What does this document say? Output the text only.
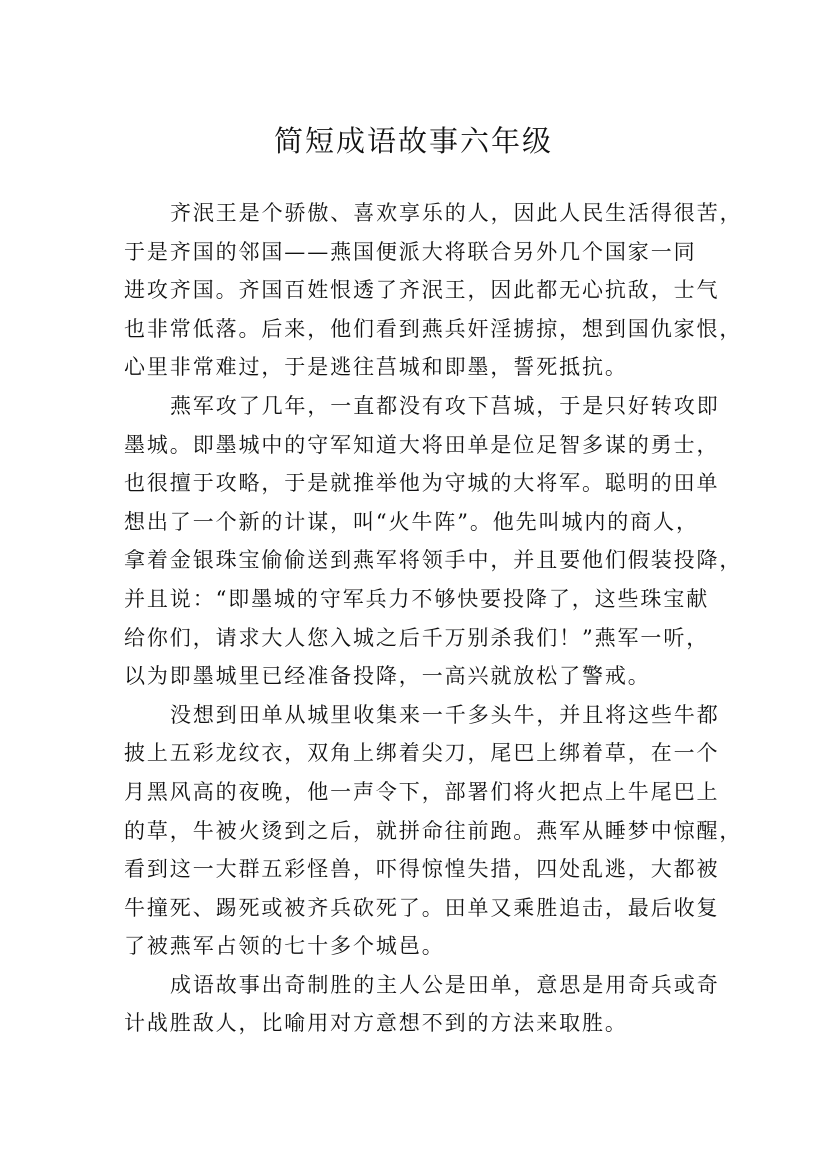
简短成语故事六年级
齐泯王是个骄傲、喜欢享乐的人，因此人民生活得很苦，
于是齐国的邻国——燕国便派大将联合另外几个国家一同
进攻齐国。齐国百姓恨透了齐泯王，因此都无心抗敌，士气
也非常低落。后来，他们看到燕兵奸淫掳掠，想到国仇家恨，
心里非常难过，于是逃往莒城和即墨，誓死抵抗。
燕军攻了几年，一直都没有攻下莒城，于是只好转攻即
墨城。即墨城中的守军知道大将田单是位足智多谋的勇士，
也很擅于攻略，于是就推举他为守城的大将军。聪明的田单
想出了一个新的计谋，叫“火牛阵”。他先叫城内的商人，
拿着金银珠宝偷偷送到燕军将领手中，并且要他们假装投降，
并且说：“即墨城的守军兵力不够快要投降了，这些珠宝献
给你们，请求大人您入城之后千万别杀我们！”燕军一听，
以为即墨城里已经准备投降，一高兴就放松了警戒。
没想到田单从城里收集来一千多头牛，并且将这些牛都
披上五彩龙纹衣，双角上绑着尖刀，尾巴上绑着草，在一个
月黑风高的夜晚，他一声令下，部署们将火把点上牛尾巴上
的草，牛被火烫到之后，就拼命往前跑。燕军从睡梦中惊醒，
看到这一大群五彩怪兽，吓得惊惶失措，四处乱逃，大都被
牛撞死、踢死或被齐兵砍死了。田单又乘胜追击，最后收复
了被燕军占领的七十多个城邑。
成语故事出奇制胜的主人公是田单，意思是用奇兵或奇
计战胜敌人，比喻用对方意想不到的方法来取胜。
